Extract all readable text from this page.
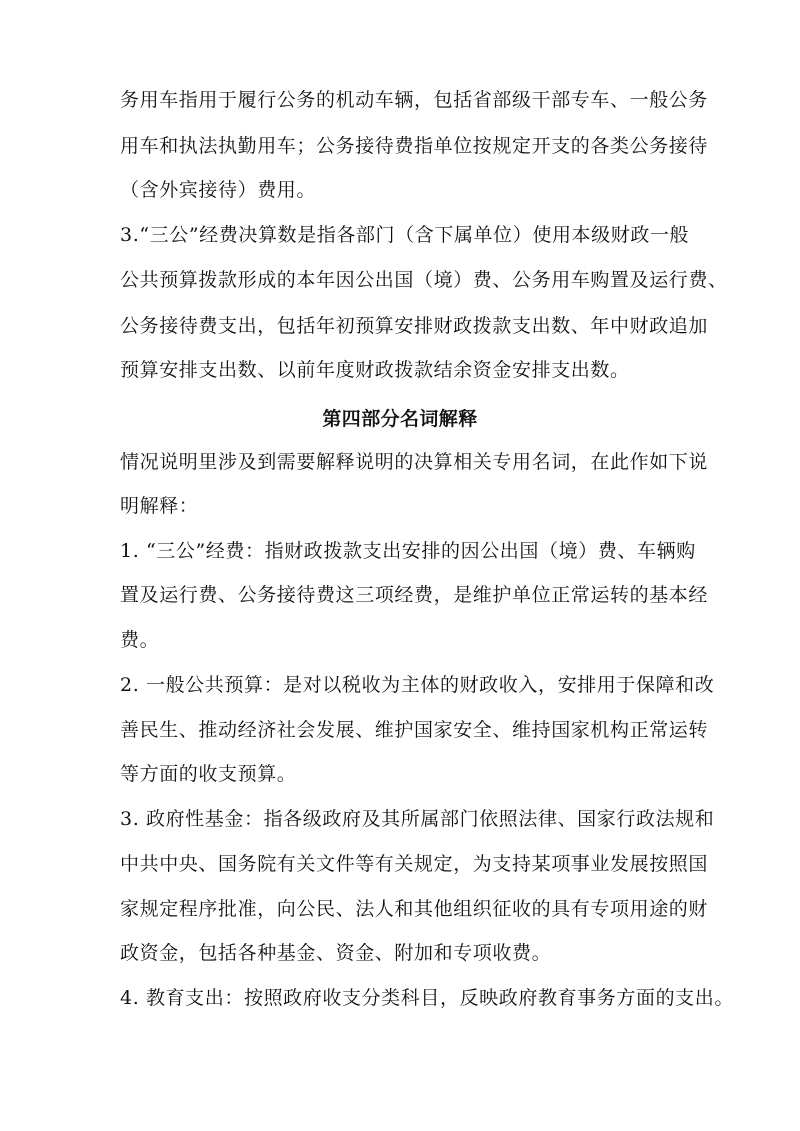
务用车指用于履行公务的机动车辆，包括省部级干部专车、一般公务
用车和执法执勤用车；公务接待费指单位按规定开支的各类公务接待
（含外宾接待）费用。
3.“三公”经费决算数是指各部门（含下属单位）使用本级财政一般
公共预算拨款形成的本年因公出国（境）费、公务用车购置及运行费、
公务接待费支出，包括年初预算安排财政拨款支出数、年中财政追加
预算安排支出数、以前年度财政拨款结余资金安排支出数。
第四部分名词解释
情况说明里涉及到需要解释说明的决算相关专用名词，在此作如下说
明解释：
1. “三公”经费：指财政拨款支出安排的因公出国（境）费、车辆购
置及运行费、公务接待费这三项经费，是维护单位正常运转的基本经
费。
2. 一般公共预算：是对以税收为主体的财政收入，安排用于保障和改
善民生、推动经济社会发展、维护国家安全、维持国家机构正常运转
等方面的收支预算。
3. 政府性基金：指各级政府及其所属部门依照法律、国家行政法规和
中共中央、国务院有关文件等有关规定，为支持某项事业发展按照国
家规定程序批准，向公民、法人和其他组织征收的具有专项用途的财
政资金，包括各种基金、资金、附加和专项收费。
4. 教育支出：按照政府收支分类科目，反映政府教育事务方面的支出。
